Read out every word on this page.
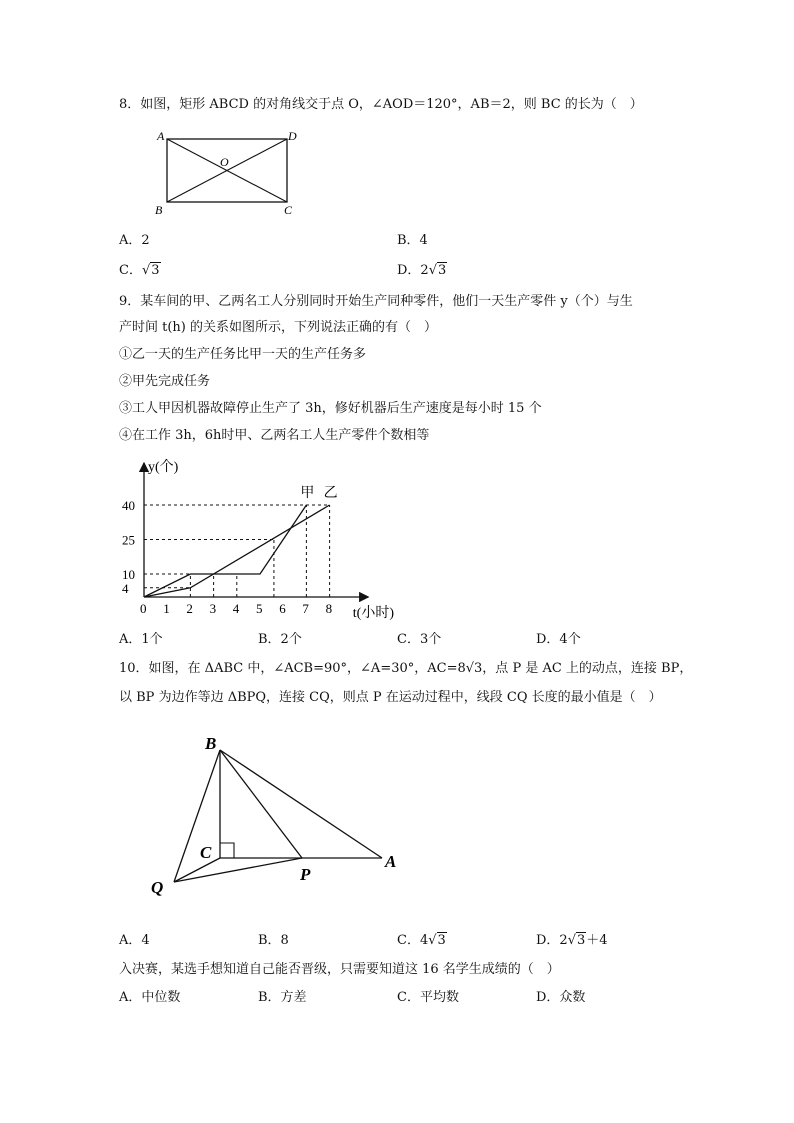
8．如图，矩形 ABCD 的对角线交于点 O，∠AOD＝120°，AB＝2，则 BC 的长为（　）
A	D
O
B	C
A．2	B．4
C．√3	D．2√3
9．某车间的甲、乙两名工人分别同时开始生产同种零件，他们一天生产零件 y（个）与生
产时间 t(h) 的关系如图所示，下列说法正确的有（　）
①乙一天的生产任务比甲一天的生产任务多
②甲先完成任务
③工人甲因机器故障停止生产了 3h，修好机器后生产速度是每小时 15 个
④在工作 3h，6h时甲、乙两名工人生产零件个数相等
t(小时)
y(个)
0 1 2 3 4 5 6 7 8
4
10
25
40
甲 乙
A．1个	B．2个	C．3个	D．4个
10．如图，在 ΔABC 中，∠ACB=90°，∠A=30°，AC=8√3，点 P 是 AC 上的动点，连接 BP，
以 BP 为边作等边 ΔBPQ，连接 CQ，则点 P 在运动过程中，线段 CQ 长度的最小值是（　）
B
C
Q
P
A
A．4	B．8	C．4√3	D．2√3＋4
入决赛，某选手想知道自己能否晋级，只需要知道这 16 名学生成绩的（　）
A．中位数	B．方差	C．平均数	D．众数
